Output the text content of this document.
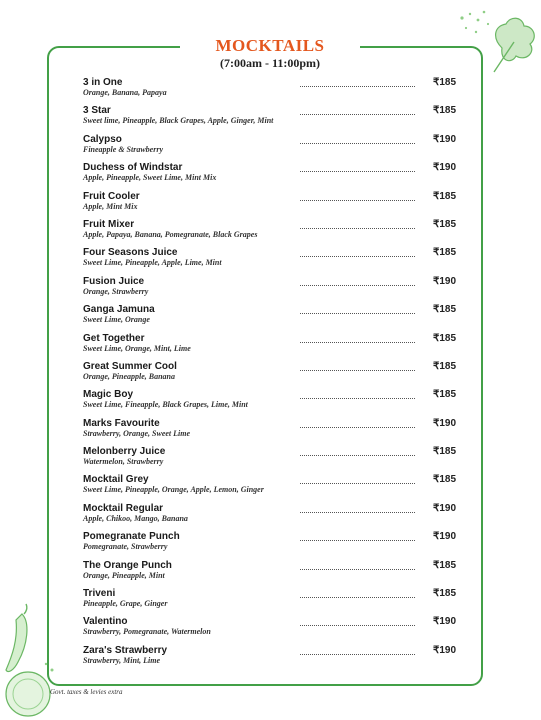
MOCKTAILS
(7:00am - 11:00pm)
3 in One
Orange, Banana, Papaya
₹185
3 Star
Sweet lime, Pineapple, Black Grapes, Apple, Ginger, Mint
₹185
Calypso
Fineapple & Strawberry
₹190
Duchess of Windstar
Apple, Pineapple, Sweet Lime, Mint Mix
₹190
Fruit Cooler
Apple, Mint Mix
₹185
Fruit Mixer
Apple, Papaya, Banana, Pomegranate, Black Grapes
₹185
Four Seasons Juice
Sweet Lime, Pineapple, Apple, Lime, Mint
₹185
Fusion Juice
Orange, Strawberry
₹190
Ganga Jamuna
Sweet Lime, Orange
₹185
Get Together
Sweet Lime, Orange, Mint, Lime
₹185
Great Summer Cool
Orange, Pineapple, Banana
₹185
Magic Boy
Sweet Lime, Fineapple, Black Grapes, Lime, Mint
₹185
Marks Favourite
Strawberry, Orange, Sweet Lime
₹190
Melonberry Juice
Watermelon, Strawberry
₹185
Mocktail Grey
Sweet Lime, Pineapple, Orange, Apple, Lemon, Ginger
₹185
Mocktail Regular
Apple, Chikoo, Mango, Banana
₹190
Pomegranate Punch
Pomegranate, Strawberry
₹190
The Orange Punch
Orange, Pineapple, Mint
₹185
Triveni
Pineapple, Grape, Ginger
₹185
Valentino
Strawberry, Pomegranate, Watermelon
₹190
Zara's Strawberry
Strawberry, Mint, Lime
₹190
Govt. taxes & levies extra
